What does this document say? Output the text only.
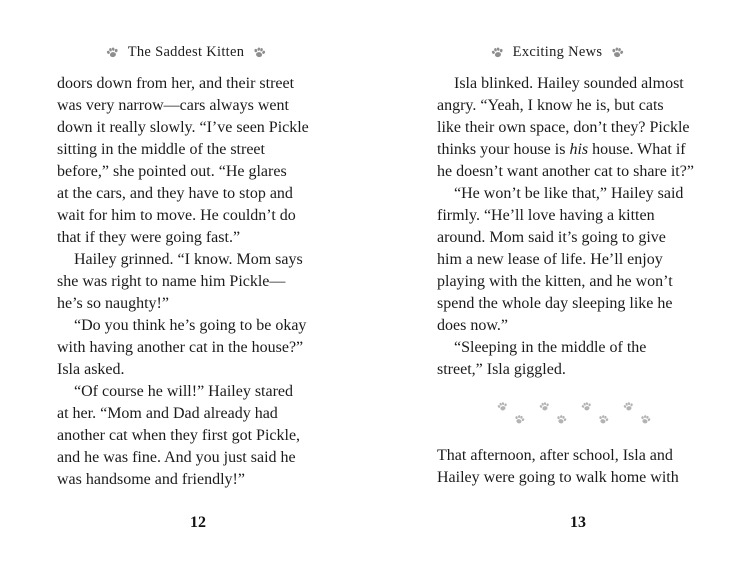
The Saddest Kitten
doors down from her, and their street
was very narrow—cars always went
down it really slowly. “I’ve seen Pickle
sitting in the middle of the street
before,” she pointed out. “He glares
at the cars, and they have to stop and
wait for him to move. He couldn’t do
that if they were going fast.”
Hailey grinned. “I know. Mom says
she was right to name him Pickle—
he’s so naughty!”
“Do you think he’s going to be okay
with having another cat in the house?”
Isla asked.
“Of course he will!” Hailey stared
at her. “Mom and Dad already had
another cat when they first got Pickle,
and he was fine. And you just said he
was handsome and friendly!”
12
Exciting News
Isla blinked. Hailey sounded almost
angry. “Yeah, I know he is, but cats
like their own space, don’t they? Pickle
thinks your house is his house. What if
he doesn’t want another cat to share it?”
“He won’t be like that,” Hailey said
firmly. “He’ll love having a kitten
around. Mom said it’s going to give
him a new lease of life. He’ll enjoy
playing with the kitten, and he won’t
spend the whole day sleeping like he
does now.”
“Sleeping in the middle of the
street,” Isla giggled.
That afternoon, after school, Isla and
Hailey were going to walk home with
13
